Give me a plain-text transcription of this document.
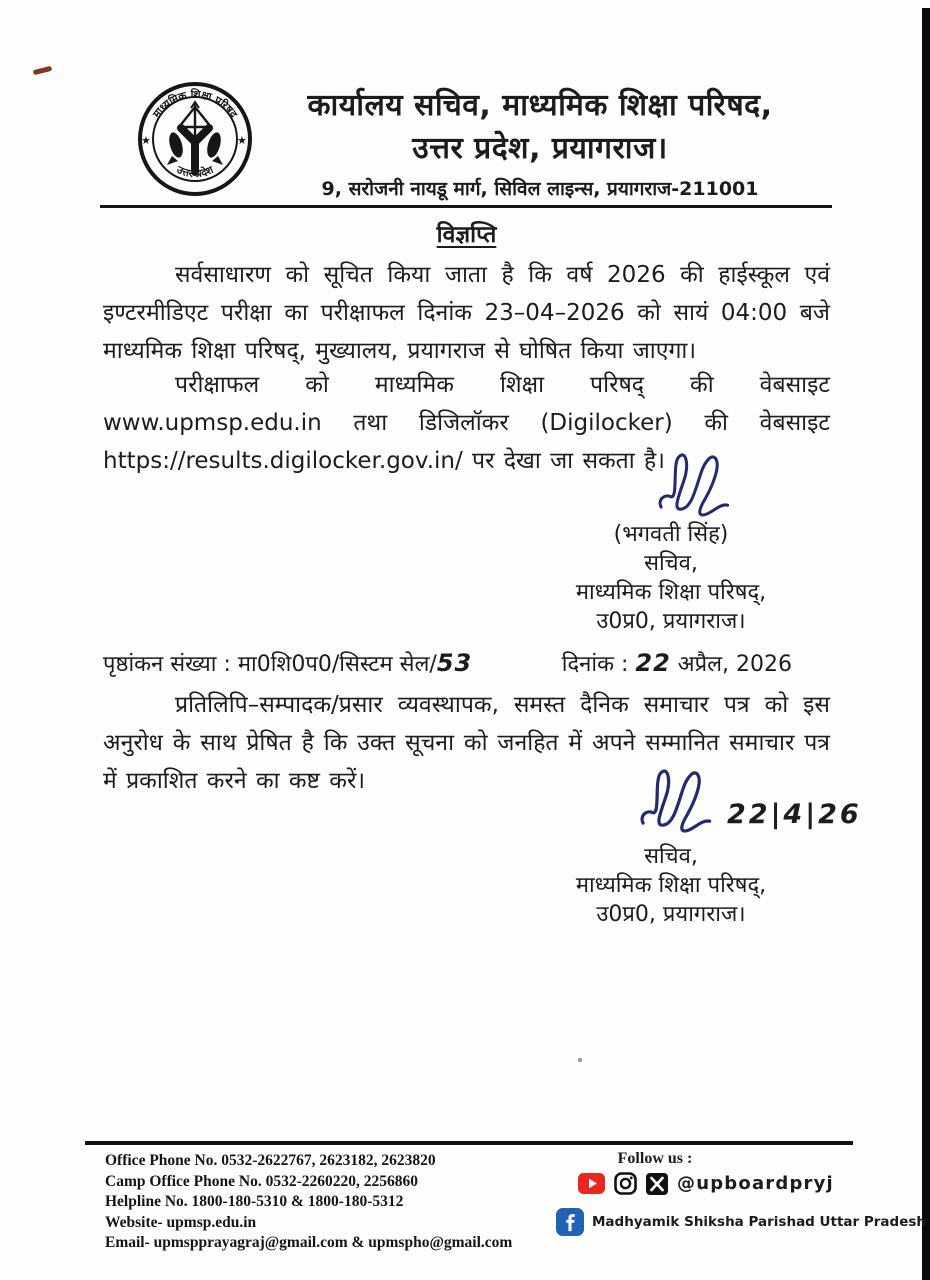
माध्यमिक शिक्षा परिषद
उत्तर प्रदेश
★	★
कार्यालय सचिव, माध्यमिक शिक्षा परिषद,
उत्तर प्रदेश, प्रयागराज।
9, सरोजनी नायडू मार्ग, सिविल लाइन्स, प्रयागराज-211001
विज्ञप्ति
सर्वसाधारण को सूचित किया जाता है कि वर्ष 2026 की हाईस्कूल एवं इण्टरमीडिएट परीक्षा का परीक्षाफल दिनांक 23–04–2026 को सायं 04:00 बजे माध्यमिक शिक्षा परिषद्, मुख्यालय, प्रयागराज से घोषित किया जाएगा।
परीक्षाफल को माध्यमिक शिक्षा परिषद् की वेबसाइट www.upmsp.edu.in तथा डिजिलॉकर (Digilocker) की वेबसाइट https://results.digilocker.gov.in/ पर देखा जा सकता है।
(भगवती सिंह)
सचिव,
माध्यमिक शिक्षा परिषद्,
उ0प्र0, प्रयागराज।
पृष्ठांकन संख्या : मा0शि0प0/सिस्टम सेल/53	दिनांक : 22 अप्रैल, 2026
प्रतिलिपि–सम्पादक/प्रसार व्यवस्थापक, समस्त दैनिक समाचार पत्र को इस अनुरोध के साथ प्रेषित है कि उक्त सूचना को जनहित में अपने सम्मानित समाचार पत्र में प्रकाशित करने का कष्ट करें।
22|4|26
सचिव,
माध्यमिक शिक्षा परिषद्,
उ0प्र0, प्रयागराज।
Office Phone No. 0532-2622767, 2623182, 2623820
Camp Office Phone No. 0532-2260220, 2256860
Helpline No. 1800-180-5310 & 1800-180-5312
Website- upmsp.edu.in
Email- upmspprayagraj@gmail.com & upmspho@gmail.com
Follow us :
@upboardpryj
Madhyamik Shiksha Parishad Uttar Pradesh
